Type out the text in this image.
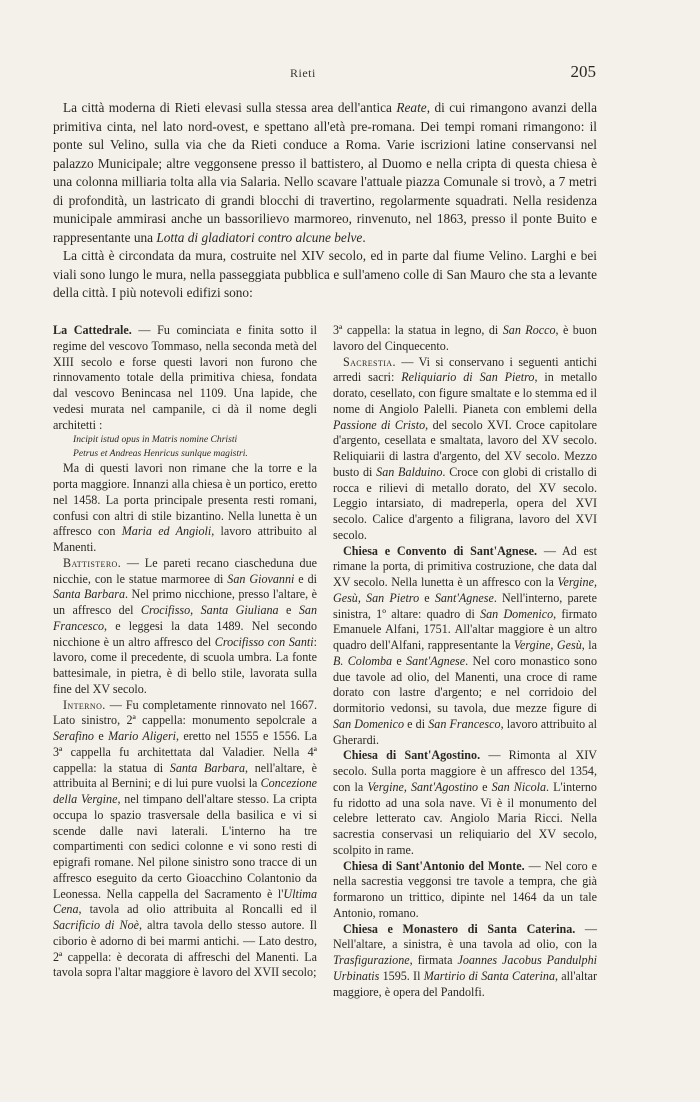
Rieti	205

La città moderna di Rieti elevasi sulla stessa area dell'antica Reate, di cui rimangono avanzi della primitiva cinta, nel lato nord-ovest, e spettano all'età pre-romana. Dei tempi romani rimangono: il ponte sul Velino, sulla via che da Rieti conduce a Roma. Varie iscrizioni latine conservansi nel palazzo Municipale; altre veggonsene presso il battistero, al Duomo e nella cripta di questa chiesa è una colonna milliaria tolta alla via Salaria. Nello scavare l'attuale piazza Comunale si trovò, a 7 metri di profondità, un lastricato di grandi blocchi di travertino, regolarmente squadrati. Nella residenza municipale ammirasi anche un bassorilievo marmoreo, rinvenuto, nel 1863, presso il ponte Buito e rappresentante una Lotta di gladiatori contro alcune belve.

La città è circondata da mura, costruite nel XIV secolo, ed in parte dal fiume Velino. Larghi e bei viali sono lungo le mura, nella passeggiata pubblica e sull'ameno colle di San Mauro che sta a levante della città. I più notevoli edifizi sono:

La Cattedrale. — Fu cominciata e finita sotto il regime del vescovo Tommaso, nella seconda metà del XIII secolo e forse questi lavori non furono che rinnovamento totale della primitiva chiesa, fondata dal vescovo Benincasa nel 1109. Una lapide, che vedesi murata nel campanile, ci dà il nome degli architetti :

Incipit istud opus in Matris nomine Christi

Petrus et Andreas Henricus sunlque magistri.

Ma di questi lavori non rimane che la torre e la porta maggiore. Innanzi alla chiesa è un portico, eretto nel 1458. La porta principale presenta resti romani, confusi con altri di stile bizantino. Nella lunetta è un affresco con Maria ed Angioli, lavoro attribuito al Manenti.

Battistero. — Le pareti recano ciascheduna due nicchie, con le statue marmoree di San Giovanni e di Santa Barbara. Nel primo nicchione, presso l'altare, è un affresco del Crocifisso, Santa Giuliana e San Francesco, e leggesi la data 1489. Nel secondo nicchione è un altro affresco del Crocifisso con Santi: lavoro, come il precedente, di scuola umbra. La fonte battesimale, in pietra, è di bello stile, lavorata sulla fine del XV secolo.

Interno. — Fu completamente rinnovato nel 1667. Lato sinistro, 2ª cappella: monumento sepolcrale a Serafino e Mario Aligeri, eretto nel 1555 e 1556. La 3ª cappella fu architettata dal Valadier. Nella 4ª cappella: la statua di Santa Barbara, nell'altare, è attribuita al Bernini; e di lui pure vuolsi la Concezione della Vergine, nel timpano dell'altare stesso. La cripta occupa lo spazio trasversale della basilica e vi si scende dalle navi laterali. L'interno ha tre compartimenti con sedici colonne e vi sono resti di epigrafi romane. Nel pilone sinistro sono tracce di un affresco eseguito da certo Gioacchino Colantonio da Leonessa. Nella cappella del Sacramento è l'Ultima Cena, tavola ad olio attribuita al Roncalli ed il Sacrificio di Noè, altra tavola dello stesso autore. Il ciborio è adorno di bei marmi antichi. — Lato destro, 2ª cappella: è decorata di affreschi del Manenti. La tavola sopra l'altar maggiore è lavoro del XVII secolo;

3ª cappella: la statua in legno, di San Rocco, è buon lavoro del Cinquecento.

Sacrestia. — Vi si conservano i seguenti antichi arredi sacri: Reliquiario di San Pietro, in metallo dorato, cesellato, con figure smaltate e lo stemma ed il nome di Angiolo Palelli. Pianeta con emblemi della Passione di Cristo, del secolo XVI. Croce capitolare d'argento, cesellata e smaltata, lavoro del XV secolo. Reliquiarii di lastra d'argento, del XV secolo. Mezzo busto di San Balduino. Croce con globi di cristallo di rocca e rilievi di metallo dorato, del XV secolo. Leggio intarsiato, di madreperla, opera del XVI secolo. Calice d'argento a filigrana, lavoro del XVI secolo.

Chiesa e Convento di Sant'Agnese. — Ad est rimane la porta, di primitiva costruzione, che data dal XV secolo. Nella lunetta è un affresco con la Vergine, Gesù, San Pietro e Sant'Agnese. Nell'interno, parete sinistra, 1º altare: quadro di San Domenico, firmato Emanuele Alfani, 1751. All'altar maggiore è un altro quadro dell'Alfani, rappresentante la Vergine, Gesù, la B. Colomba e Sant'Agnese. Nel coro monastico sono due tavole ad olio, del Manenti, una croce di rame dorato con lastre d'argento; e nel corridoio del dormitorio vedonsi, su tavola, due mezze figure di San Domenico e di San Francesco, lavoro attribuito al Gherardi.

Chiesa di Sant'Agostino. — Rimonta al XIV secolo. Sulla porta maggiore è un affresco del 1354, con la Vergine, Sant'Agostino e San Nicola. L'interno fu ridotto ad una sola nave. Vi è il monumento del celebre letterato cav. Angiolo Maria Ricci. Nella sacrestia conservasi un reliquiario del XV secolo, scolpito in rame.

Chiesa di Sant'Antonio del Monte. — Nel coro e nella sacrestia veggonsi tre tavole a tempra, che già formarono un trittico, dipinte nel 1464 da un tale Antonio, romano.

Chiesa e Monastero di Santa Caterina. — Nell'altare, a sinistra, è una tavola ad olio, con la Trasfigurazione, firmata Joannes Jacobus Pandulphi Urbinatis 1595. Il Martirio di Santa Caterina, all'altar maggiore, è opera del Pandolfi.
